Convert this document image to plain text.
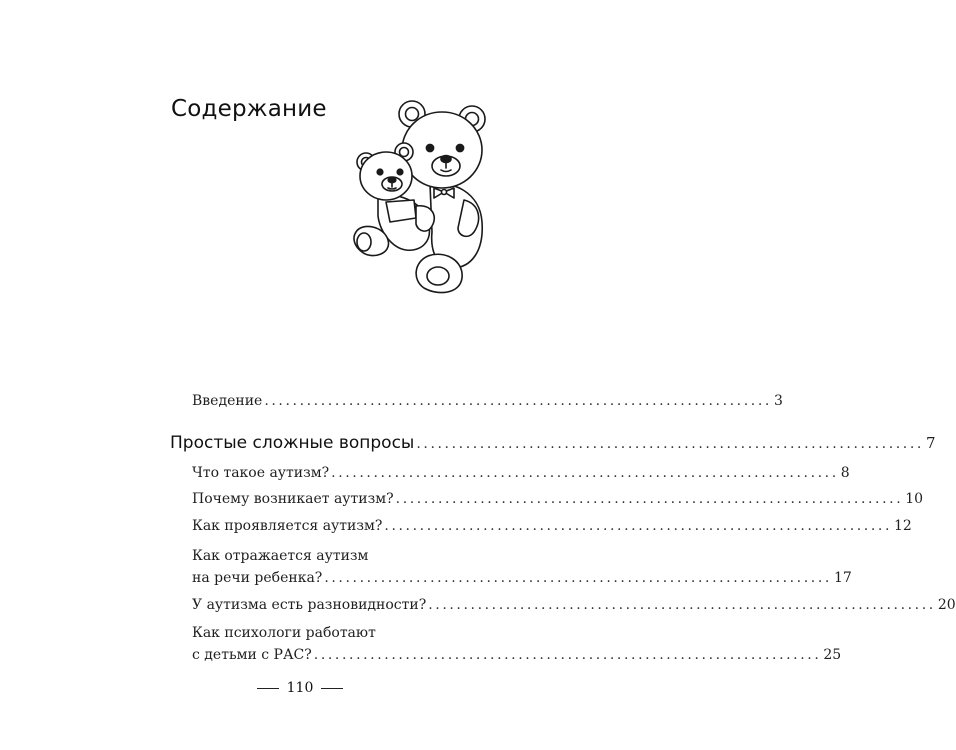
Содержание
Введение ........................................................................ 3
Простые сложные вопросы ........................................................................ 7
Что такое аутизм? ........................................................................ 8
Почему возникает аутизм? ........................................................................ 10
Как проявляется аутизм? ........................................................................ 12
Как отражается аутизм
на речи ребенка? ........................................................................ 17
У аутизма есть разновидности? ........................................................................ 20
Как психологи работают
с детьми с РАС? ........................................................................ 25
110
